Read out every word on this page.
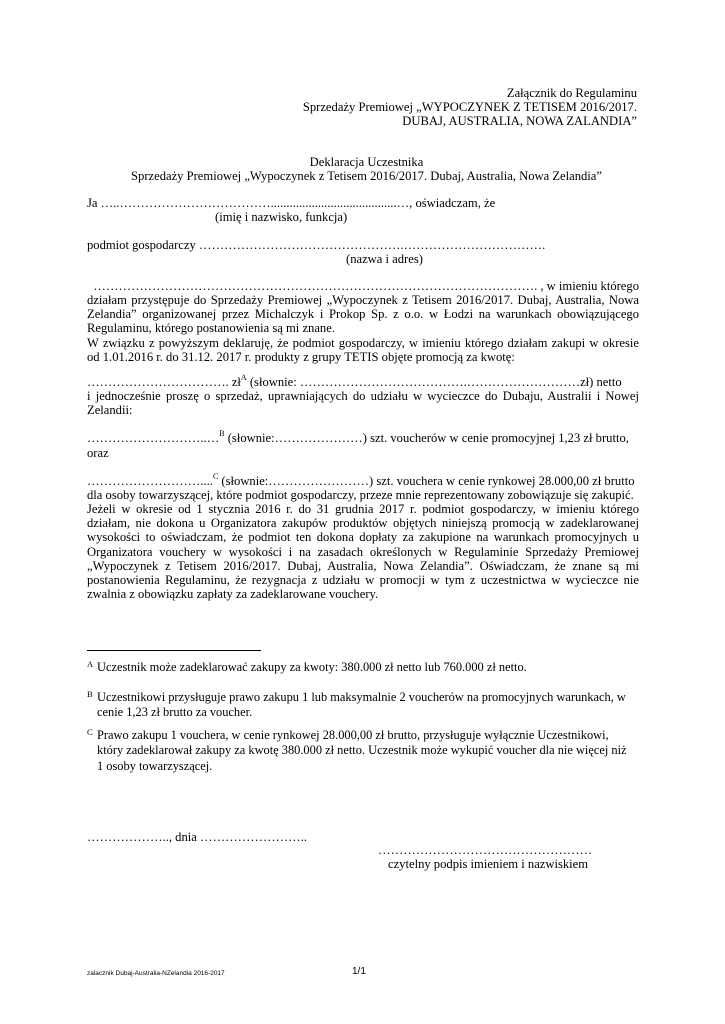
Załącznik do Regulaminu
Sprzedaży Premiowej „WYPOCZYNEK Z TETISEM 2016/2017.
DUBAJ, AUSTRALIA, NOWA ZALANDIA”
Deklaracja Uczestnika
Sprzedaży Premiowej „Wypoczynek z Tetisem 2016/2017. Dubaj, Australia, Nowa Zelandia”
Ja …..………………………………........................................…, oświadczam, że
(imię i nazwisko, funkcja)
podmiot gospodarczy ………………………………………….…………………………….
(nazwa i adres)
……………………………………………………………………………………………. , w imieniu którego
działam przystępuje do Sprzedaży Premiowej „Wypoczynek z Tetisem 2016/2017. Dubaj, Australia, Nowa Zelandia” organizowanej przez Michalczyk i Prokop Sp. z o.o. w Łodzi na warunkach obowiązującego Regulaminu, którego postanowienia są mi znane.
W związku z powyższym deklaruję, że podmiot gospodarczy, w imieniu którego działam zakupi w okresie od 1.01.2016 r. do 31.12. 2017 r. produkty z grupy TETIS objęte promocją za kwotę:
……………………………. $zł^A$ (słownie: ………………………………….………………………zł) netto
i jednocześnie proszę o sprzedaż, uprawniających do udziału w wycieczce do Dubaju, Australii i Nowej Zelandii:
………………………..…$^B$ (słownie:…………………) szt. voucherów w cenie promocyjnej 1,23 zł brutto,
oraz
………………………....$^C$ (słownie:……………………) szt. vouchera w cenie rynkowej 28.000,00 zł brutto
dla osoby towarzyszącej, które podmiot gospodarczy, przeze mnie reprezentowany zobowiązuje się zakupić.
Jeżeli w okresie od 1 stycznia 2016 r. do 31 grudnia 2017 r. podmiot gospodarczy, w imieniu którego działam, nie dokona u Organizatora zakupów produktów objętych niniejszą promocją w zadeklarowanej wysokości to oświadczam, że podmiot ten dokona dopłaty za zakupione na warunkach promocyjnych u Organizatora vouchery w wysokości i na zasadach określonych w Regulaminie Sprzedaży Premiowej „Wypoczynek z Tetisem 2016/2017. Dubaj, Australia, Nowa Zelandia”. Oświadczam, że znane są mi postanowienia Regulaminu, że rezygnacja z udziału w promocji w tym z uczestnictwa w wycieczce nie zwalnia z obowiązku zapłaty za zadeklarowane vouchery.
A Uczestnik może zadeklarować zakupy za kwoty: 380.000 zł netto lub 760.000 zł netto.
B Uczestnikowi przysługuje prawo zakupu 1 lub maksymalnie 2 voucherów na promocyjnych warunkach, w cenie 1,23 zł brutto za voucher.
C Prawo zakupu 1 vouchera, w cenie rynkowej 28.000,00 zł brutto, przysługuje wyłącznie Uczestnikowi, który zadeklarował zakupy za kwotę 380.000 zł netto. Uczestnik może wykupić voucher dla nie więcej niż 1 osoby towarzyszącej.
……………….., dnia ……………………..
……………………………………………
czytelny podpis imieniem i nazwiskiem
zalacznik Dubaj-Australia-NZelandia 2016-2017	1/1
